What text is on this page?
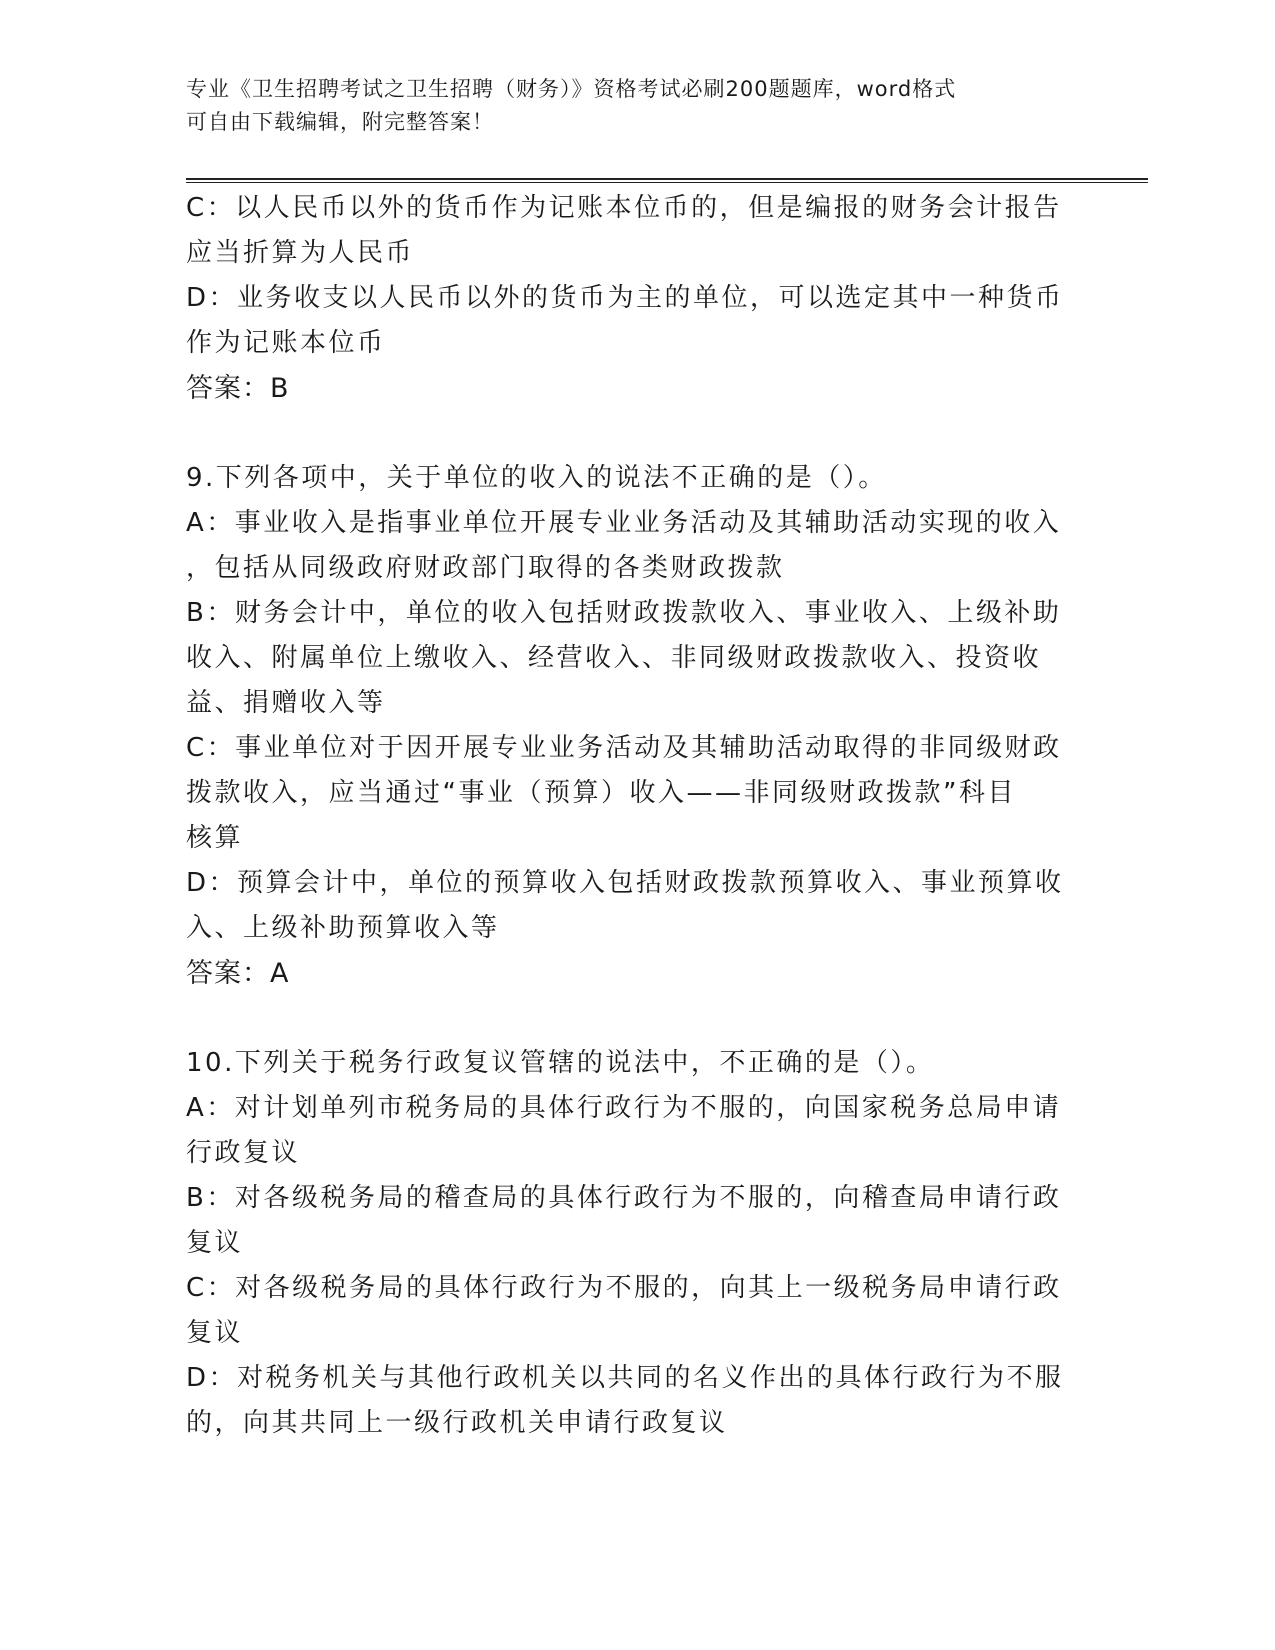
专业《卫生招聘考试之卫生招聘（财务）》资格考试必刷200题题库，word格式
可自由下载编辑，附完整答案！
C：以人民币以外的货币作为记账本位币的，但是编报的财务会计报告
应当折算为人民币
D：业务收支以人民币以外的货币为主的单位，可以选定其中一种货币
作为记账本位币
答案：B
9.下列各项中，关于单位的收入的说法不正确的是（）。
A：事业收入是指事业单位开展专业业务活动及其辅助活动实现的收入
，包括从同级政府财政部门取得的各类财政拨款
B：财务会计中，单位的收入包括财政拨款收入、事业收入、上级补助
收入、附属单位上缴收入、经营收入、非同级财政拨款收入、投资收
益、捐赠收入等
C：事业单位对于因开展专业业务活动及其辅助活动取得的非同级财政
拨款收入，应当通过“事业（预算）收入——非同级财政拨款”科目
核算
D：预算会计中，单位的预算收入包括财政拨款预算收入、事业预算收
入、上级补助预算收入等
答案：A
10.下列关于税务行政复议管辖的说法中，不正确的是（）。
A：对计划单列市税务局的具体行政行为不服的，向国家税务总局申请
行政复议
B：对各级税务局的稽查局的具体行政行为不服的，向稽查局申请行政
复议
C：对各级税务局的具体行政行为不服的，向其上一级税务局申请行政
复议
D：对税务机关与其他行政机关以共同的名义作出的具体行政行为不服
的，向其共同上一级行政机关申请行政复议
